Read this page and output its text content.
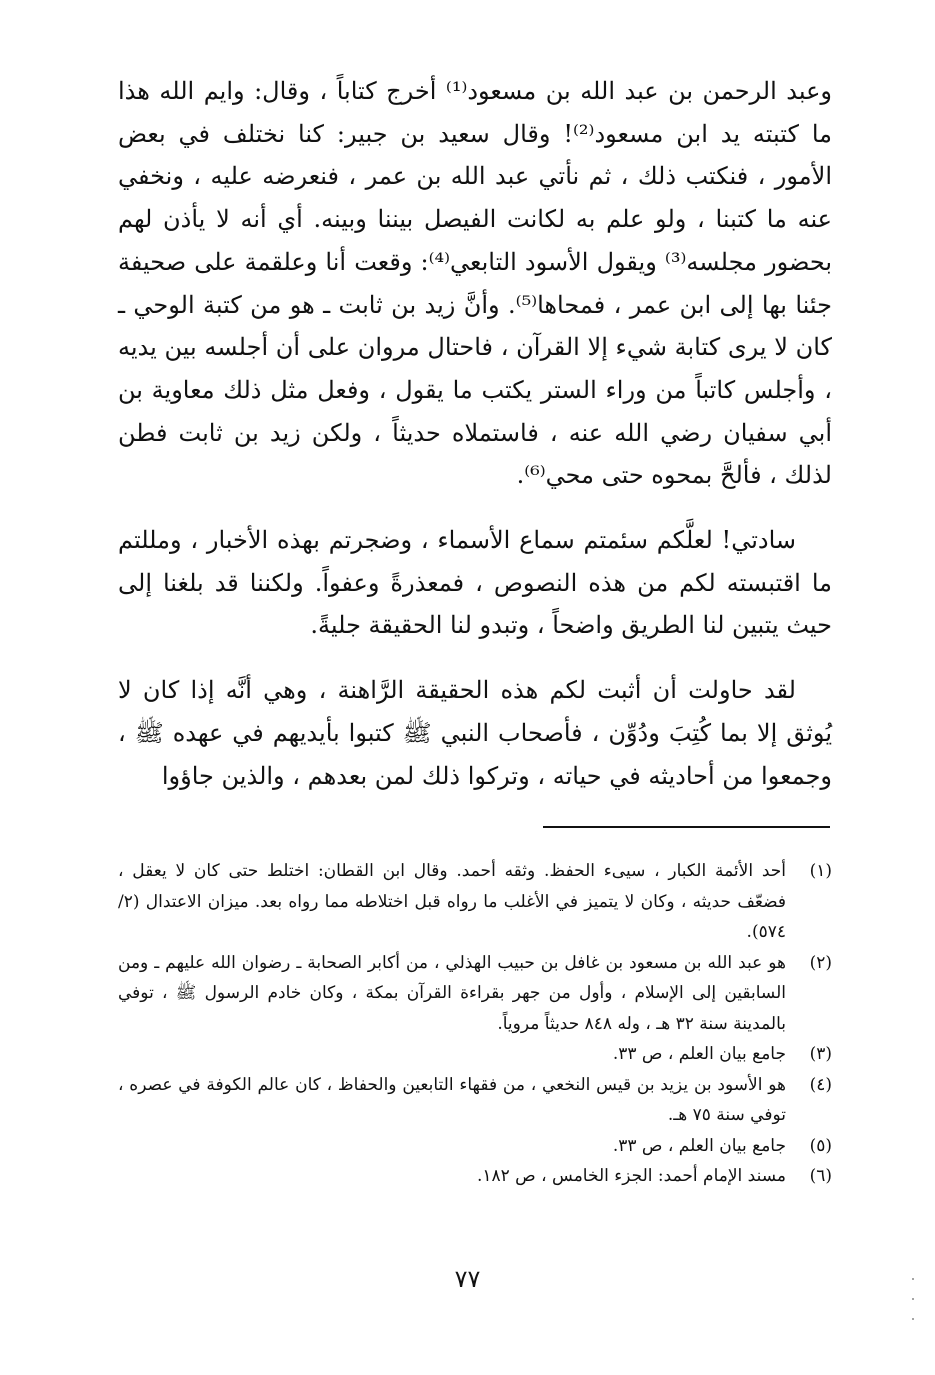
وعبد الرحمن بن عبد الله بن مسعود⁽¹⁾ أخرج كتاباً ، وقال: وايم الله هذا ما كتبته يد ابن مسعود⁽²⁾! وقال سعيد بن جبير: كنا نختلف في بعض الأمور ، فنكتب ذلك ، ثم نأتي عبد الله بن عمر ، فنعرضه عليه ، ونخفي عنه ما كتبنا ، ولو علم به لكانت الفيصل بيننا وبينه. أي أنه لا يأذن لهم بحضور مجلسه⁽³⁾ ويقول الأسود التابعي⁽⁴⁾: وقعت أنا وعلقمة على صحيفة جئنا بها إلى ابن عمر ، فمحاها⁽⁵⁾. وأنَّ زيد بن ثابت ـ هو من كتبة الوحي ـ كان لا يرى كتابة شيء إلا القرآن ، فاحتال مروان على أن أجلسه بين يديه ، وأجلس كاتباً من وراء الستر يكتب ما يقول ، وفعل مثل ذلك معاوية بن أبي سفيان رضي الله عنه ، فاستملاه حديثاً ، ولكن زيد بن ثابت فطن لذلك ، فألحَّ بمحوه حتى محي⁽⁶⁾.

سادتي! لعلَّكم سئمتم سماع الأسماء ، وضجرتم بهذه الأخبار ، ومللتم ما اقتبسته لكم من هذه النصوص ، فمعذرةً وعفواً. ولكننا قد بلغنا إلى حيث يتبين لنا الطريق واضحاً ، وتبدو لنا الحقيقة جليةً.

لقد حاولت أن أثبت لكم هذه الحقيقة الرَّاهنة ، وهي أنَّه إذا كان لا يُوثق إلا بما كُتِبَ ودُوِّن ، فأصحاب النبي ﷺ كتبوا بأيديهم في عهده ﷺ ، وجمعوا من أحاديثه في حياته ، وتركوا ذلك لمن بعدهم ، والذين جاؤوا

(١)
أحد الأئمة الكبار ، سيىء الحفظ. وثقه أحمد. وقال ابن القطان: اختلط حتى كان لا يعقل ، فضعّف حديثه ، وكان لا يتميز في الأغلب ما رواه قبل اختلاطه مما رواه بعد. ميزان الاعتدال (٢/ ٥٧٤).
(٢)
هو عبد الله بن مسعود بن غافل بن حبيب الهذلي ، من أكابر الصحابة ـ رضوان الله عليهم ـ ومن السابقين إلى الإسلام ، وأول من جهر بقراءة القرآن بمكة ، وكان خادم الرسول ﷺ ، توفي بالمدينة سنة ٣٢ هـ ، وله ٨٤٨ حديثاً مروياً.
(٣)
جامع بيان العلم ، ص ٣٣.
(٤)
هو الأسود بن يزيد بن قيس النخعي ، من فقهاء التابعين والحفاظ ، كان عالم الكوفة في عصره ، توفي سنة ٧٥ هـ.
(٥)
جامع بيان العلم ، ص ٣٣.
(٦)
مسند الإمام أحمد: الجزء الخامس ، ص ١٨٢.
٧٧
